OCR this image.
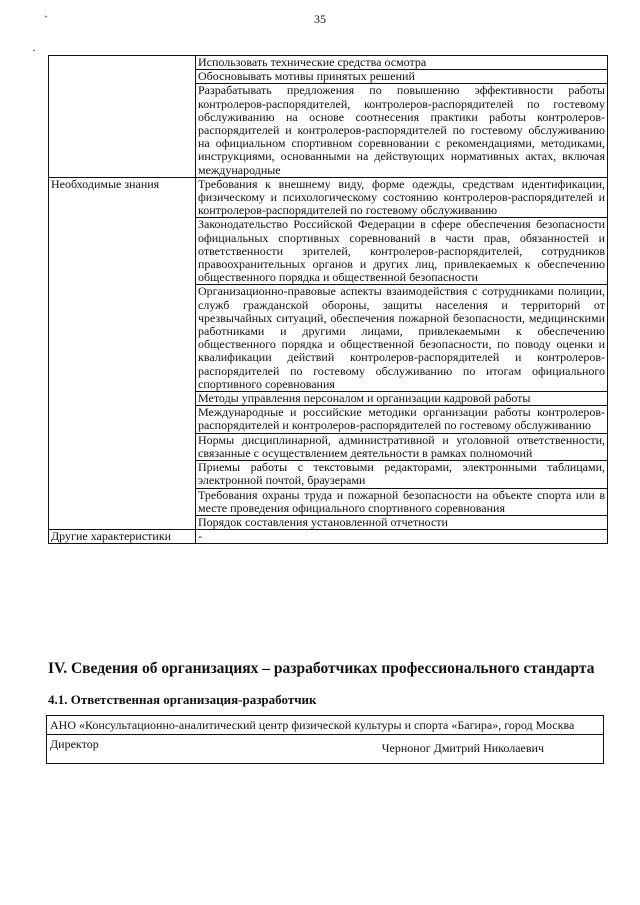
35
`
·
	Использовать технические средства осмотра
	Обосновывать мотивы принятых решений
	Разрабатывать предложения по повышению эффективности работы контролеров-распорядителей, контролеров-распорядителей по гостевому обслуживанию на основе соотнесения практики работы контролеров-распорядителей и контролеров-распорядителей по гостевому обслуживанию на официальном спортивном соревновании с рекомендациями, методиками, инструкциями, основанными на действующих нормативных актах, включая международные
Необходимые знания	Требования к внешнему виду, форме одежды, средствам идентификации, физическому и психологическому состоянию контролеров-распорядителей и контролеров-распорядителей по гостевому обслуживанию
	Законодательство Российской Федерации в сфере обеспечения безопасности официальных спортивных соревнований в части прав, обязанностей и ответственности зрителей, контролеров-распорядителей, сотрудников правоохранительных органов и других лиц, привлекаемых к обеспечению общественного порядка и общественной безопасности
	Организационно-правовые аспекты взаимодействия с сотрудниками полиции, служб гражданской обороны, защиты населения и территорий от чрезвычайных ситуаций, обеспечения пожарной безопасности, медицинскими работниками и другими лицами, привлекаемыми к обеспечению общественного порядка и общественной безопасности, по поводу оценки и квалификации действий контролеров-распорядителей и контролеров-распорядителей по гостевому обслуживанию по итогам официального спортивного соревнования
	Методы управления персоналом и организации кадровой работы
	Международные и российские методики организации работы контролеров-распорядителей и контролеров-распорядителей по гостевому обслуживанию
	Нормы дисциплинарной, административной и уголовной ответственности, связанные с осуществлением деятельности в рамках полномочий
	Приемы работы с текстовыми редакторами, электронными таблицами, электронной почтой, браузерами
	Требования охраны труда и пожарной безопасности на объекте спорта или в месте проведения официального спортивного соревнования
	Порядок составления установленной отчетности
Другие характеристики	-
IV. Сведения об организациях – разработчиках профессионального стандарта
4.1. Ответственная организация-разработчик
АНО «Консультационно-аналитический центр физической культуры и спорта «Багира», город Москва

Директор	Черноног Дмитрий Николаевич
